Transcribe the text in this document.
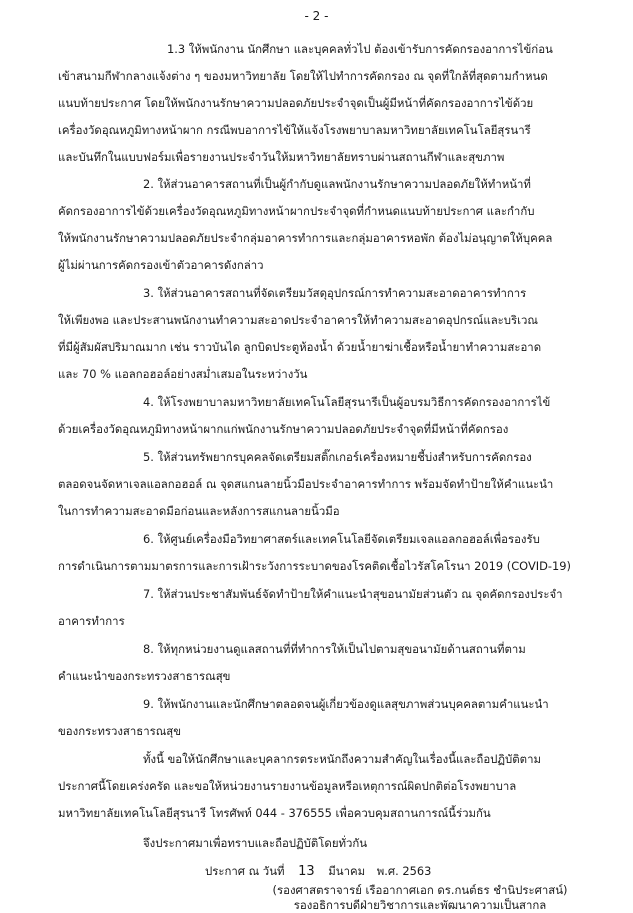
- 2 -
1.3 ให้พนักงาน นักศึกษา และบุคคลทั่วไป ต้องเข้ารับการคัดกรองอาการไข้ก่อน
เข้าสนามกีฬากลางแจ้งต่าง ๆ ของมหาวิทยาลัย โดยให้ไปทำการคัดกรอง ณ จุดที่ใกล้ที่สุดตามกำหนด
แนบท้ายประกาศ โดยให้พนักงานรักษาความปลอดภัยประจำจุดเป็นผู้มีหน้าที่คัดกรองอาการไข้ด้วย
เครื่องวัดอุณหภูมิทางหน้าผาก กรณีพบอาการไข้ให้แจ้งโรงพยาบาลมหาวิทยาลัยเทคโนโลยีสุรนารี
และบันทึกในแบบฟอร์มเพื่อรายงานประจำวันให้มหาวิทยาลัยทราบผ่านสถานกีฬาและสุขภาพ
2. ให้ส่วนอาคารสถานที่เป็นผู้กำกับดูแลพนักงานรักษาความปลอดภัยให้ทำหน้าที่
คัดกรองอาการไข้ด้วยเครื่องวัดอุณหภูมิทางหน้าผากประจำจุดที่กำหนดแนบท้ายประกาศ และกำกับ
ให้พนักงานรักษาความปลอดภัยประจำกลุ่มอาคารทำการและกลุ่มอาคารหอพัก ต้องไม่อนุญาตให้บุคคล
ผู้ไม่ผ่านการคัดกรองเข้าตัวอาคารดังกล่าว
3. ให้ส่วนอาคารสถานที่จัดเตรียมวัสดุอุปกรณ์การทำความสะอาดอาคารทำการ
ให้เพียงพอ และประสานพนักงานทำความสะอาดประจำอาคารให้ทำความสะอาดอุปกรณ์และบริเวณ
ที่มีผู้สัมผัสปริมาณมาก เช่น ราวบันได ลูกบิดประตูห้องน้ำ ด้วยน้ำยาฆ่าเชื้อหรือน้ำยาทำความสะอาด
และ 70 % แอลกอฮอล์อย่างสม่ำเสมอในระหว่างวัน
4. ให้โรงพยาบาลมหาวิทยาลัยเทคโนโลยีสุรนารีเป็นผู้อบรมวิธีการคัดกรองอาการไข้
ด้วยเครื่องวัดอุณหภูมิทางหน้าผากแก่พนักงานรักษาความปลอดภัยประจำจุดที่มีหน้าที่คัดกรอง
5. ให้ส่วนทรัพยากรบุคคลจัดเตรียมสติ๊กเกอร์เครื่องหมายชี้บ่งสำหรับการคัดกรอง
ตลอดจนจัดหาเจลแอลกอฮอล์ ณ จุดสแกนลายนิ้วมือประจำอาคารทำการ พร้อมจัดทำป้ายให้คำแนะนำ
ในการทำความสะอาดมือก่อนและหลังการสแกนลายนิ้วมือ
6. ให้ศูนย์เครื่องมือวิทยาศาสตร์และเทคโนโลยีจัดเตรียมเจลแอลกอฮอล์เพื่อรองรับ
การดำเนินการตามมาตรการและการเฝ้าระวังการระบาดของโรคติดเชื้อไวรัสโคโรนา 2019 (COVID-19)
7. ให้ส่วนประชาสัมพันธ์จัดทำป้ายให้คำแนะนำสุขอนามัยส่วนตัว ณ จุดคัดกรองประจำ
อาคารทำการ
8. ให้ทุกหน่วยงานดูแลสถานที่ที่ทำการให้เป็นไปตามสุขอนามัยด้านสถานที่ตาม
คำแนะนำของกระทรวงสาธารณสุข
9. ให้พนักงานและนักศึกษาตลอดจนผู้เกี่ยวข้องดูแลสุขภาพส่วนบุคคลตามคำแนะนำ
ของกระทรวงสาธารณสุข
ทั้งนี้ ขอให้นักศึกษาและบุคลากรตระหนักถึงความสำคัญในเรื่องนี้และถือปฏิบัติตาม
ประกาศนี้โดยเคร่งครัด และขอให้หน่วยงานรายงานข้อมูลหรือเหตุการณ์ผิดปกติต่อโรงพยาบาล
มหาวิทยาลัยเทคโนโลยีสุรนารี โทรศัพท์ 044 - 376555 เพื่อควบคุมสถานการณ์นี้ร่วมกัน
จึงประกาศมาเพื่อทราบและถือปฏิบัติโดยทั่วกัน
ประกาศ ณ วันที่ 13 มีนาคม พ.ศ. 2563
(รองศาสตราจารย์ เรืออากาศเอก ดร.กนต์ธร ชำนิประศาสน์)
รองอธิการบดีฝ่ายวิชาการและพัฒนาความเป็นสากล
